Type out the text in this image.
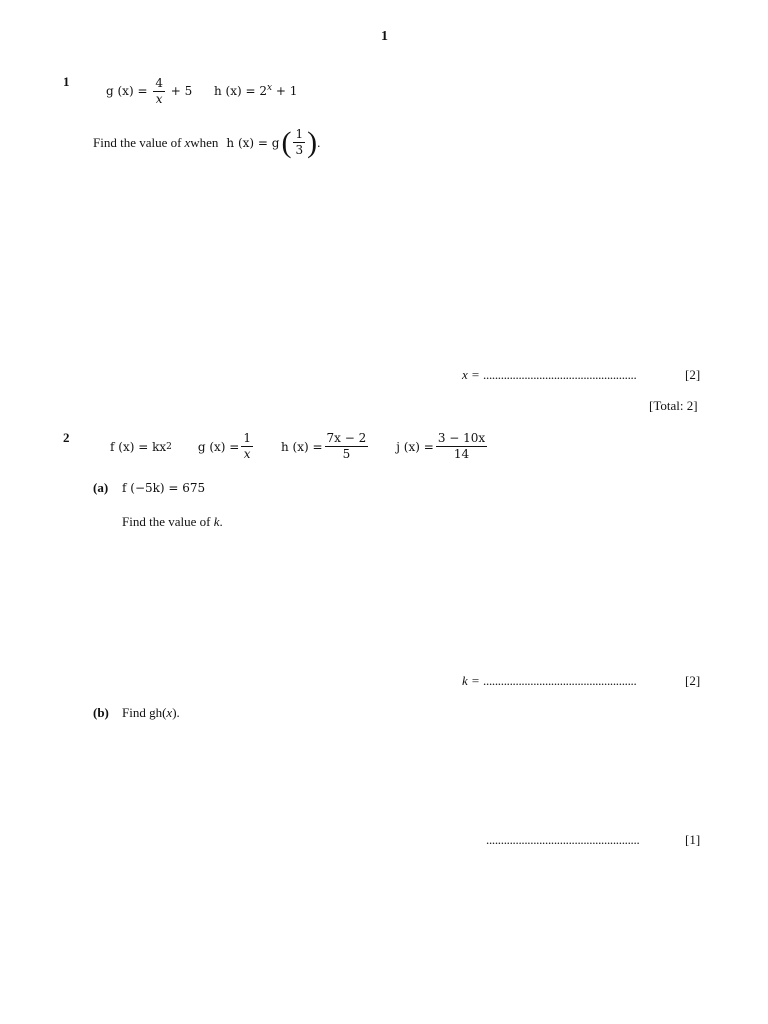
1
1
g $(x) = \frac{4}{x} + 5$ h $(x) = 2^x + 1$
Find the value of x when h (x) = g ( $\frac{1}{3}$ ) .
x = ....................................................	[2]
[Total: 2]
2
f (x) = kx 2 g $(x) = \frac{1}{x}$ h $(x) = \frac{7x - 2}{5}$ j $(x) = \frac{3 - 10x}{14}$
(a) f (−5k) = 675
Find the value of k.
k = ....................................................	[2]
(b) Find gh(x).
....................................................	[1]
